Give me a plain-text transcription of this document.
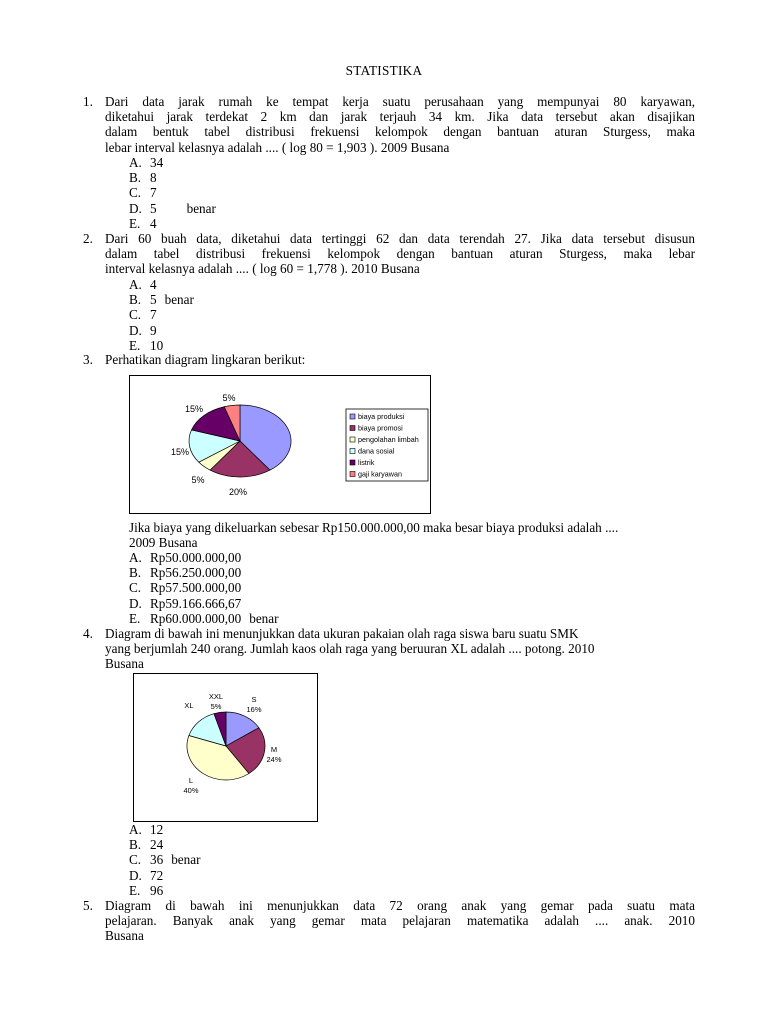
STATISTIKA
1. Dari data jarak rumah ke tempat kerja suatu perusahaan yang mempunyai 80 karyawan,
diketahui jarak terdekat 2 km dan jarak terjauh 34 km. Jika data tersebut akan disajikan
dalam bentuk tabel distribusi frekuensi kelompok dengan bantuan aturan Sturgess, maka
lebar interval kelasnya adalah .... ( log 80 = 1,903 ). 2009 Busana
A. 34
B. 8
C. 7
D. 5 benar
E. 4
2. Dari 60 buah data, diketahui data tertinggi 62 dan data terendah 27. Jika data tersebut disusun
dalam tabel distribusi frekuensi kelompok dengan bantuan aturan Sturgess, maka lebar
interval kelasnya adalah .... ( log 60 = 1,778 ). 2010 Busana
A. 4
B. 5 benar
C. 7
D. 9
E. 10
3. Perhatikan diagram lingkaran berikut:
20%
5%
15%
15%
5%
biaya produksi
biaya promosi
pengolahan limbah
dana sosial
listrik
gaji karyawan
Jika biaya yang dikeluarkan sebesar Rp150.000.000,00 maka besar biaya produksi adalah ....
2009 Busana
A. Rp50.000.000,00
B. Rp56.250.000,00
C. Rp57.500.000,00
D. Rp59.166.666,67
E. Rp60.000.000,00 benar
4. Diagram di bawah ini menunjukkan data ukuran pakaian olah raga siswa baru suatu SMK
yang berjumlah 240 orang. Jumlah kaos olah raga yang beruuran XL adalah .... potong. 2010
Busana
S
16%
M
24%
L
40%
XL
XXL
5%
A. 12
B. 24
C. 36 benar
D. 72
E. 96
5. Diagram di bawah ini menunjukkan data 72 orang anak yang gemar pada suatu mata
pelajaran. Banyak anak yang gemar mata pelajaran matematika adalah .... anak. 2010
Busana
